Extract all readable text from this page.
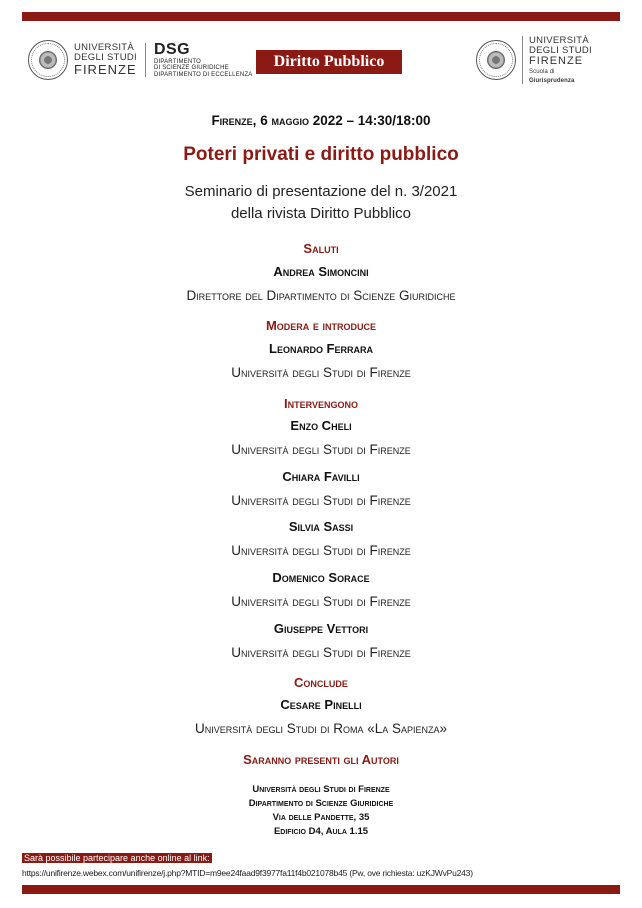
UNIVERSITÀ
DEGLI STUDI
FIRENZE
DSG
DIPARTIMENTO
DI SCIENZE GIURIDICHE
DIPARTIMENTO DI ECCELLENZA
Diritto Pubblico
UNIVERSITÀ
DEGLI STUDI
FIRENZE
Scuola di
Giurisprudenza
Firenze, 6 maggio 2022 – 14:30/18:00
Poteri privati e diritto pubblico
Seminario di presentazione del n. 3/2021
della rivista Diritto Pubblico
Saluti
Andrea Simoncini
Direttore del Dipartimento di Scienze Giuridiche
Modera e introduce
Leonardo Ferrara
Università degli Studi di Firenze
Intervengono
Enzo Cheli
Università degli Studi di Firenze
Chiara Favilli
Università degli Studi di Firenze
Silvia Sassi
Università degli Studi di Firenze
Domenico Sorace
Università degli Studi di Firenze
Giuseppe Vettori
Università degli Studi di Firenze
Conclude
Cesare Pinelli
Università degli Studi di Roma «La Sapienza»
Saranno presenti gli Autori
Università degli Studi di Firenze
Dipartimento di Scienze Giuridiche
Via delle Pandette, 35
Edificio D4, Aula 1.15
Sarà possibile partecipare anche online al link:
https://unifirenze.webex.com/unifirenze/j.php?MTID=m9ee24faad9f3977fa11f4b021078b45 (Pw, ove richiesta: uzKJWvPu243)
